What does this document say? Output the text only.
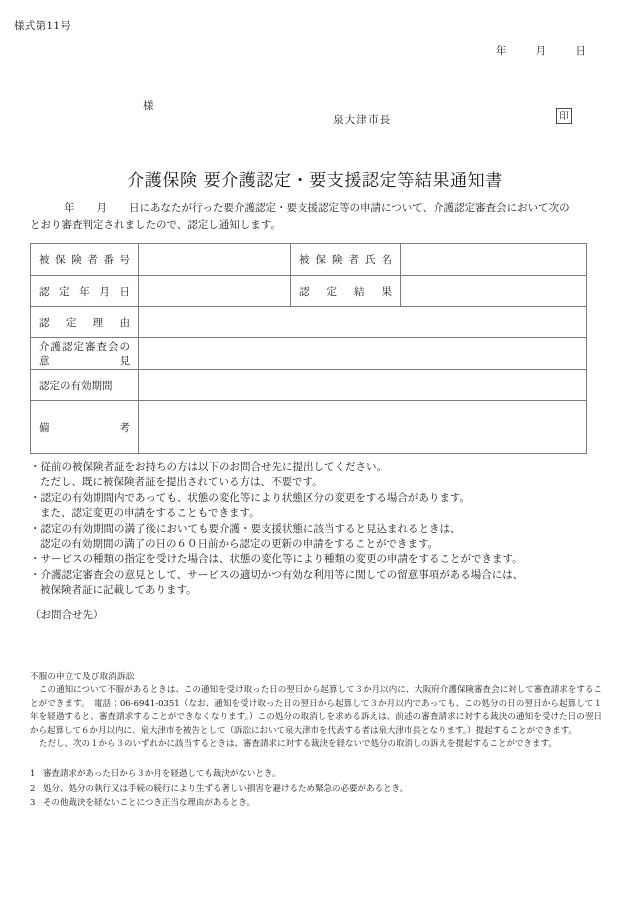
様式第11号
年	月	日
様
泉大津市長	印
介護保険 要介護認定・要支援認定等結果通知書
年 月 日にあなたが行った要介護認定・要支援認定等の申請について、介護認定審査会において次の
とおり審査判定されましたので、認定し通知します。
被保険者番号		被保険者氏名	
認定年月日		認定結果	
認定理由			
介護認定審査会の
意見			

認定の有効期間			
備考			
・従前の被保険者証をお持ちの方は以下のお問合せ先に提出してください。
ただし、既に被保険者証を提出されている方は、不要です。
・認定の有効期間内であっても、状態の変化等により状態区分の変更をする場合があります。
また、認定変更の申請をすることもできます。
・認定の有効期間の満了後においても要介護・要支援状態に該当すると見込まれるときは、
認定の有効期間の満了の日の６０日前から認定の更新の申請をすることができます。
・サービスの種類の指定を受けた場合は、状態の変化等により種類の変更の申請をすることができます。
・介護認定審査会の意見として、サービスの適切かつ有効な利用等に関しての留意事項がある場合には、
被保険者証に記載してあります。
（お問合せ先）
不服の申立て及び取消訴訟

この通知について不服があるときは、この通知を受け取った日の翌日から起算して３か月以内に、大阪府介護保険審査会に対して審査請求をすることができます。　電話：06-6941-0351（なお、通知を受け取った日の翌日から起算して３か月以内であっても、この処分の日の翌日から起算して１年を経過すると、審査請求することができなくなります。）この処分の取消しを求める訴えは、前述の審査請求に対する裁決の通知を受けた日の翌日から起算して６か月以内に、泉大津市を被告として（訴訟において泉大津市を代表する者は泉大津市長となります。）提起することができます。

ただし、次の１から３のいずれかに該当するときは、審査請求に対する裁決を経ないで処分の取消しの訴えを提起することができます。

1 審査請求があった日から３か月を経過しても裁決がないとき。
2 処分、処分の執行又は手続の続行により生ずる著しい損害を避けるため緊急の必要があるとき。
3 その他裁決を経ないことにつき正当な理由があるとき。
